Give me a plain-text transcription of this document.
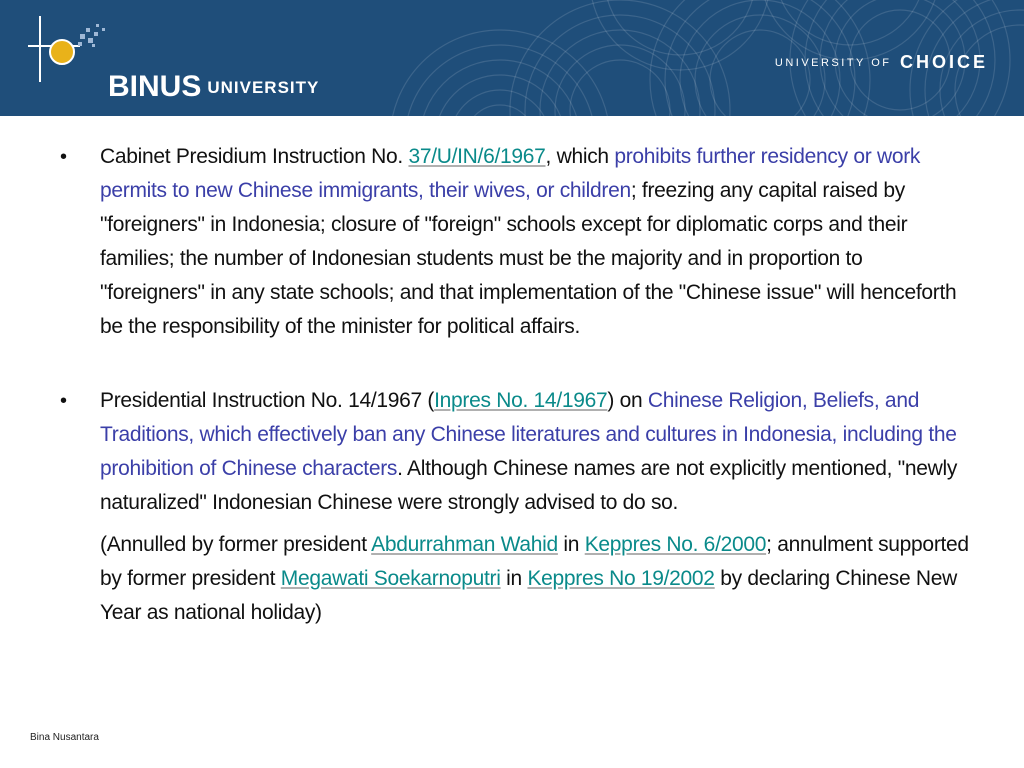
BINUS UNIVERSITY
UNIVERSITY OF CHOICE
• Cabinet Presidium Instruction No. 37/U/IN/6/1967, which prohibits further residency or work permits to new Chinese immigrants, their wives, or children; freezing any capital raised by "foreigners" in Indonesia; closure of "foreign" schools except for diplomatic corps and their families; the number of Indonesian students must be the majority and in proportion to "foreigners" in any state schools; and that implementation of the "Chinese issue" will henceforth be the responsibility of the minister for political affairs.
• Presidential Instruction No. 14/1967 (Inpres No. 14/1967) on Chinese Religion, Beliefs, and Traditions, which effectively ban any Chinese literatures and cultures in Indonesia, including the prohibition of Chinese characters. Although Chinese names are not explicitly mentioned, "newly naturalized" Indonesian Chinese were strongly advised to do so.
(Annulled by former president Abdurrahman Wahid in Keppres No. 6/2000; annulment supported by former president Megawati Soekarnoputri in Keppres No 19/2002 by declaring Chinese New Year as national holiday)
Bina Nusantara
